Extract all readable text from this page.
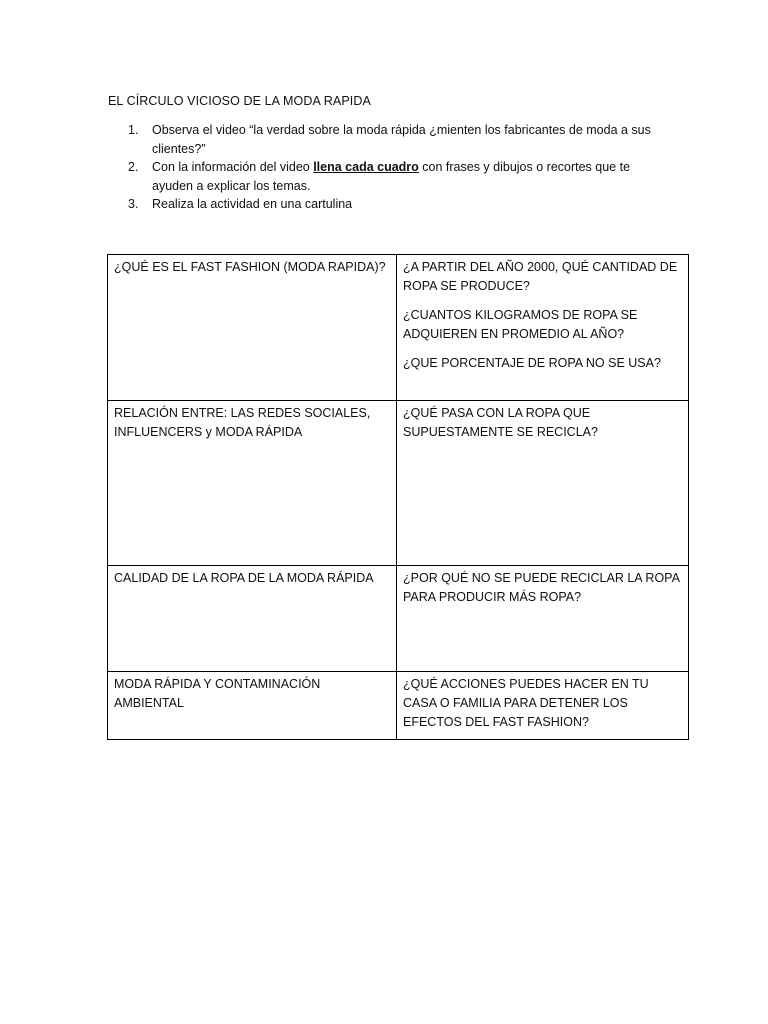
EL CÍRCULO VICIOSO DE LA MODA RAPIDA
1. Observa el video “la verdad sobre la moda rápida ¿mienten los fabricantes de moda a sus clientes?”
2. Con la información del video llena cada cuadro con frases y dibujos o recortes que te ayuden a explicar los temas.
3. Realiza la actividad en una cartulina
¿QUÉ ES EL FAST FASHION (MODA RAPIDA)?	¿A PARTIR DEL AÑO 2000, QUÉ CANTIDAD DE ROPA SE PRODUCE?
¿CUANTOS KILOGRAMOS DE ROPA SE ADQUIEREN EN PROMEDIO AL AÑO?
¿QUE PORCENTAJE DE ROPA NO SE USA?

RELACIÓN ENTRE: LAS REDES SOCIALES, INFLUENCERS y MODA RÁPIDA	¿QUÉ PASA CON LA ROPA QUE SUPUESTAMENTE SE RECICLA?

CALIDAD DE LA ROPA DE LA MODA RÁPIDA	¿POR QUÉ NO SE PUEDE RECICLAR LA ROPA PARA PRODUCIR MÁS ROPA?

MODA RÁPIDA Y CONTAMINACIÓN AMBIENTAL	¿QUÉ ACCIONES PUEDES HACER EN TU CASA O FAMILIA PARA DETENER LOS EFECTOS DEL FAST FASHION?
